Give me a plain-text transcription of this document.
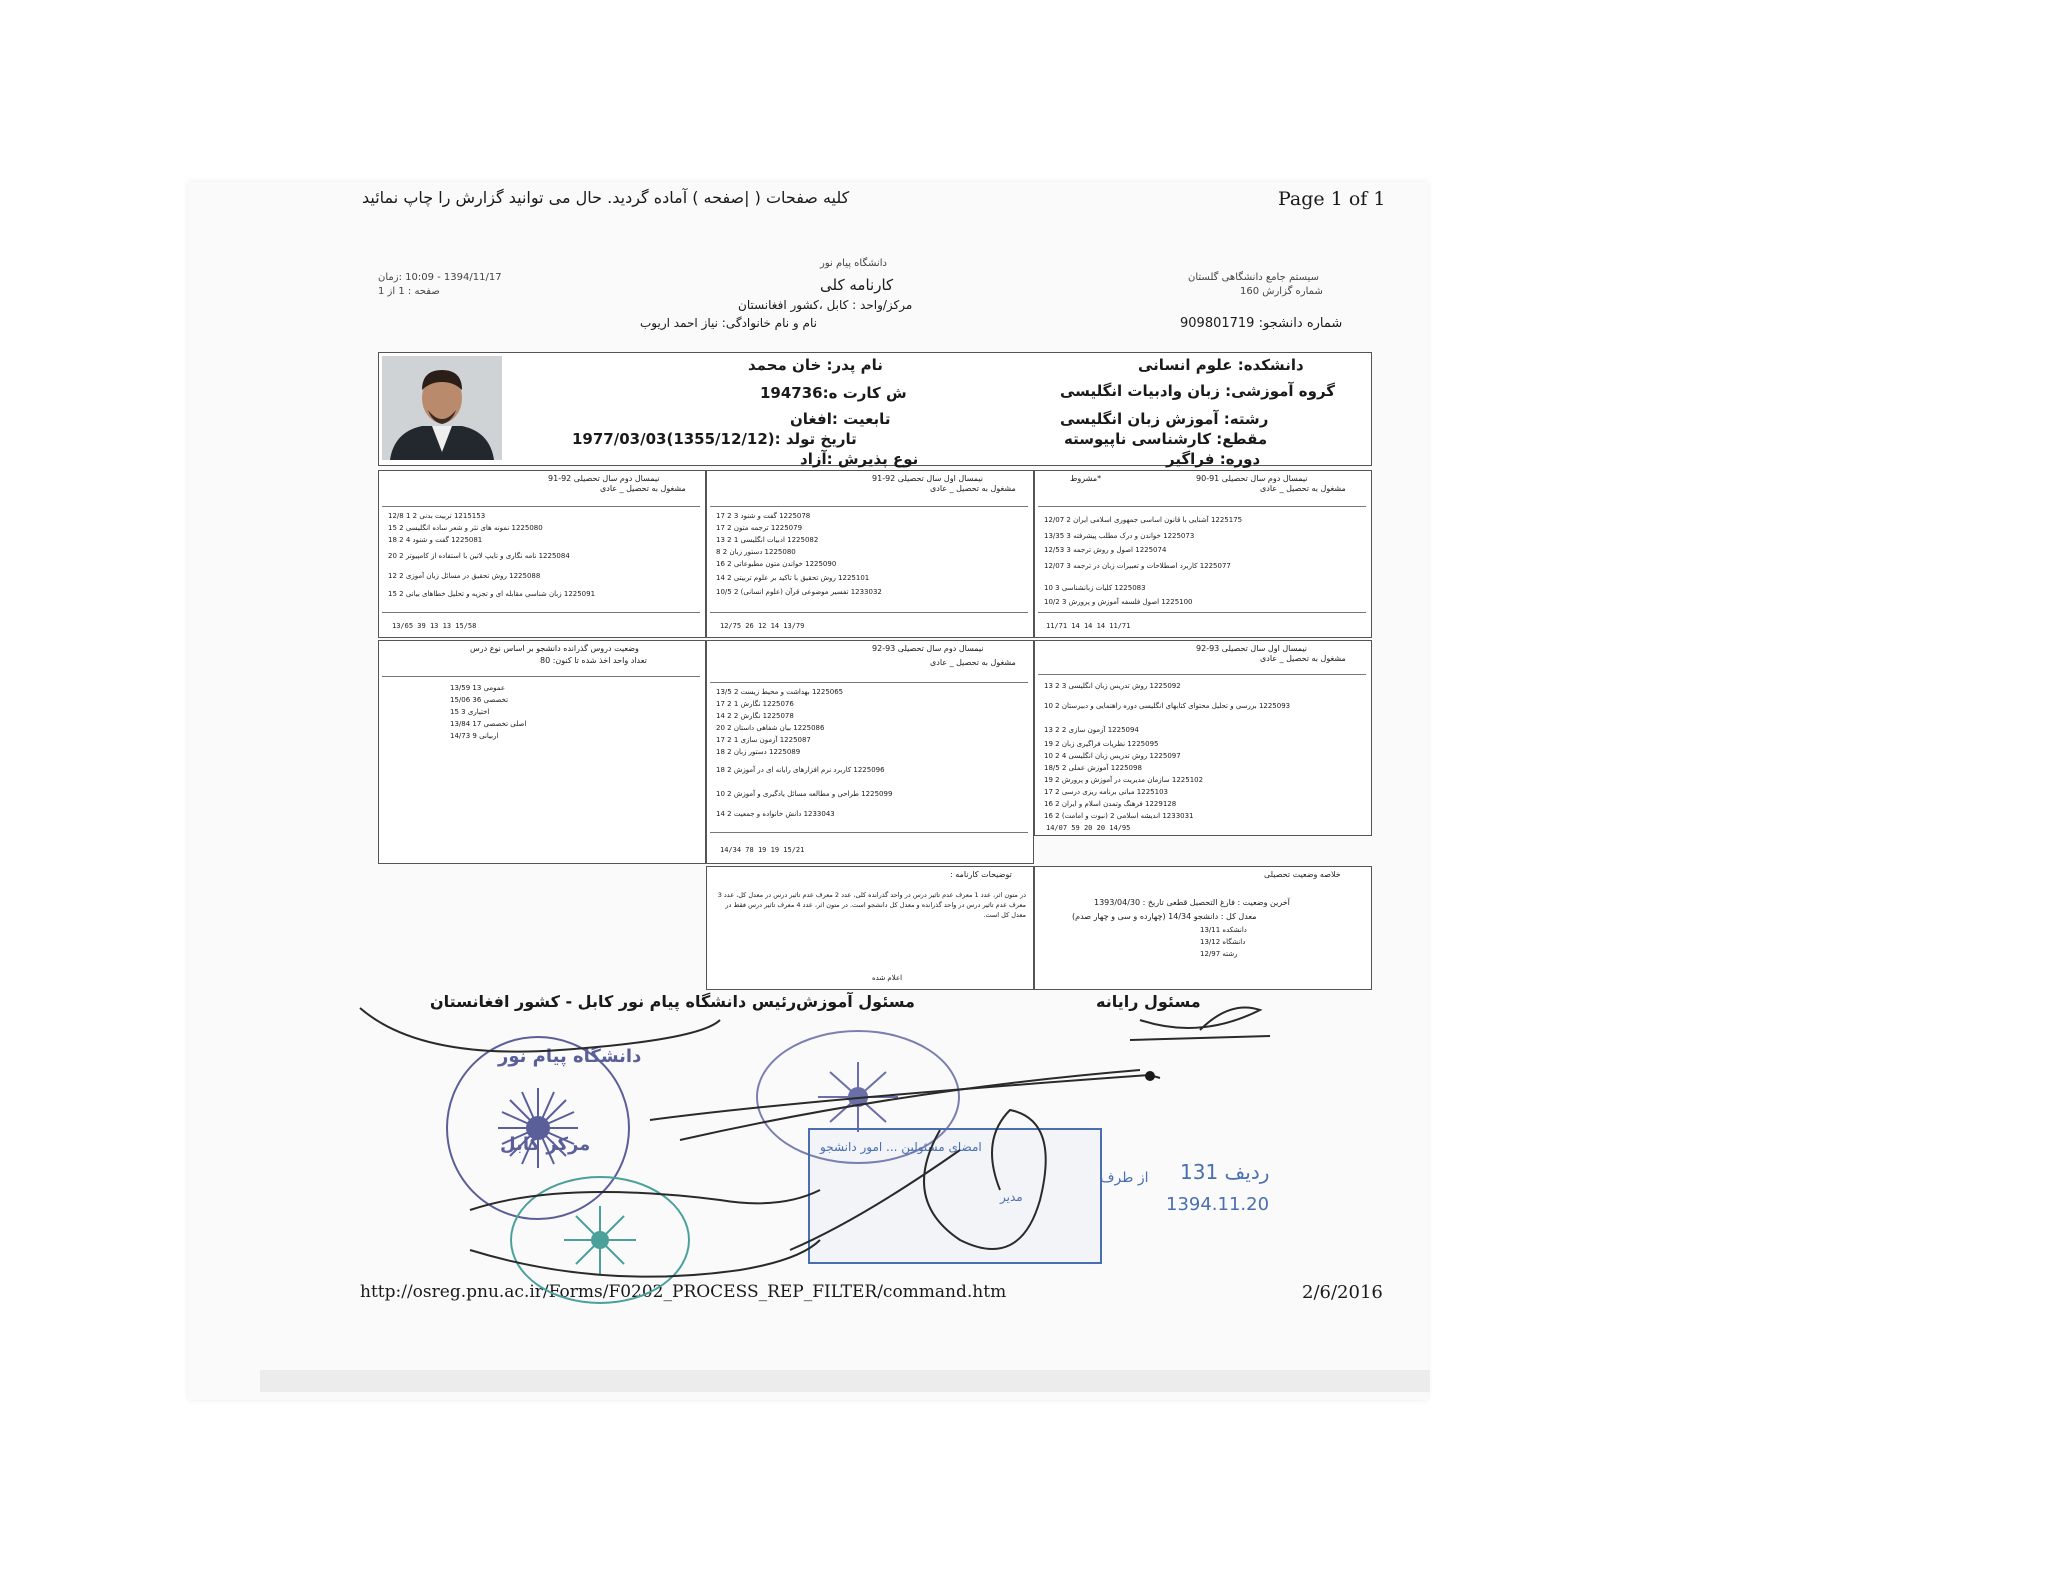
کلیه صفحات ( |صفحه ) آماده گردید. حال می توانید گزارش را چاپ نمائید	Page 1 of 1
http://osreg.pnu.ac.ir/Forms/F0202_PROCESS_REP_FILTER/command.htm	2/6/2016
دانشگاه پیام نور
کارنامه کلی
مرکز/واحد : کابل ،کشور افغانستان
نام و نام خانوادگی: نیاز احمد اریوب
1394/11/17 - 10:09 :زمان
صفحه : 1 از 1
سیستم جامع دانشگاهی گلستان
شماره گزارش 160
شماره دانشجو: 909801719
نام پدر: خان محمد
ش کارت ه:194736
تابعیت :افغان
تاریخ تولد :(1355/12/12)1977/03/03
نوع پذیرش :آزاد
دانشکده: علوم انسانی
گروه آموزشی: زبان وادبیات انگلیسی
رشته: آموزش زبان انگلیسی
مقطع: کارشناسی ناپیوسته
دوره: فراگیر
نیمسال دوم سال تحصیلی 91-90
*مشروط
مشغول به تحصیل _ عادی
1225175 آشنایی با قانون اساسی جمهوری اسلامی ایران 2 12/07
1225073 خواندن و درک مطلب پیشرفته 3 13/35
1225074 اصول و روش ترجمه 3 12/53
1225077 کاربرد اصطلاحات و تعبیرات زبان در ترجمه 3 12/07
1225083 کلیات زبانشناسی 3 10
1225100 اصول فلسفه آموزش و پرورش 3 10/2
11/71 14 14 14 11/71
نیمسال اول سال تحصیلی 92-91
مشغول به تحصیل _ عادی
1225078 گفت و شنود 3 2 17
1225079 ترجمه متون 2 17
1225082 ادبیات انگلیسی 1 2 13
1225080 دستور زبان 2 8
1225090 خواندن متون مطبوعاتی 2 16
1225101 روش تحقیق با تاکید بر علوم تربیتی 2 14
1233032 تفسیر موضوعی قرآن (علوم انسانی) 2 10/5
13/79 14 12 26 12/75
نیمسال دوم سال تحصیلی 92-91
مشغول به تحصیل _ عادی
1215153 تربیت بدنی 2 1 12/8
1225080 نمونه های نثر و شعر ساده انگلیسی 2 15
1225081 گفت و شنود 4 2 18
1225084 نامه نگاری و تایپ لاتین با استفاده از کامپیوتر 2 20
1225088 روش تحقیق در مسائل زبان آموزی 2 12
1225091 زبان شناسی مقابله ای و تجزیه و تحلیل خطاهای بیانی 2 15
15/58 13 13 39 13/65
نیمسال اول سال تحصیلی 93-92
مشغول به تحصیل _ عادی
1225092 روش تدریس زبان انگلیسی 3 2 13
1225093 بررسی و تحلیل محتوای کتابهای انگلیسی دوره راهنمایی و دبیرستان 2 10
1225094 آزمون سازی 2 2 13
1225095 نظریات فراگیری زبان 2 19
1225097 روش تدریس زبان انگلیسی 4 2 10
1225098 آموزش عملی 2 18/5
1225102 سازمان مدیریت در آموزش و پرورش 2 19
1225103 مبانی برنامه ریزی درسی 2 17
1229128 فرهنگ وتمدن اسلام و ایران 2 16
1233031 اندیشه اسلامی 2 (نبوت و امامت) 2 16
14/95 20 20 59 14/07
نیمسال دوم سال تحصیلی 93-92
مشغول به تحصیل _ عادی
1225065 بهداشت و محیط زیست 2 13/5
1225076 نگارش 1 2 17
1225078 نگارش 2 2 14
1225086 بیان شفاهی داستان 2 20
1225087 آزمون سازی 1 2 17
1225089 دستور زبان 2 18
1225096 کاربرد نرم افزارهای رایانه ای در آموزش 2 18
1225099 طراحی و مطالعه مسائل یادگیری و آموزش 2 10
1233043 دانش خانواده و جمعیت 2 14
15/21 19 19 78 14/34
وضعیت دروس گذرانده دانشجو بر اساس نوع درس
تعداد واحد اخذ شده تا کنون: 80
عمومی 13 13/59
تخصصی 36 15/06
اختیاری 3 15
اصلی تخصصی 17 13/84
اربیانی 9 14/73
خلاصه وضعیت تحصیلی
آخرین وضعیت : فارغ التحصیل قطعی تاریخ : 1393/04/30
معدل کل : دانشجو 14/34 (چهارده و سی و چهار صدم)
دانشکده 13/11
دانشگاه 13/12
رشته 12/97
توضیحات کارنامه :
در متون اثر، عدد 1 معرف عدم تاثیر درس در واحد گذرانده کلی، عدد 2 معرف عدم تاثیر درس در معدل کل، عدد 3 معرف عدم تاثیر درس در واحد گذرانده و معدل کل دانشجو است. در متون اثر، عدد 4 معرف تاثیر درس فقط در معدل کل است.
اعلام شده
رئیس دانشگاه پیام نور کابل - کشور افغانستان مسئول آموزش	مسئول رایانه
دانشگاه پیام نور
مرکز کابل	امضای مسئولین ... امور دانشجو
از طرف
مدیر
ردیف 131
1394.11.20
